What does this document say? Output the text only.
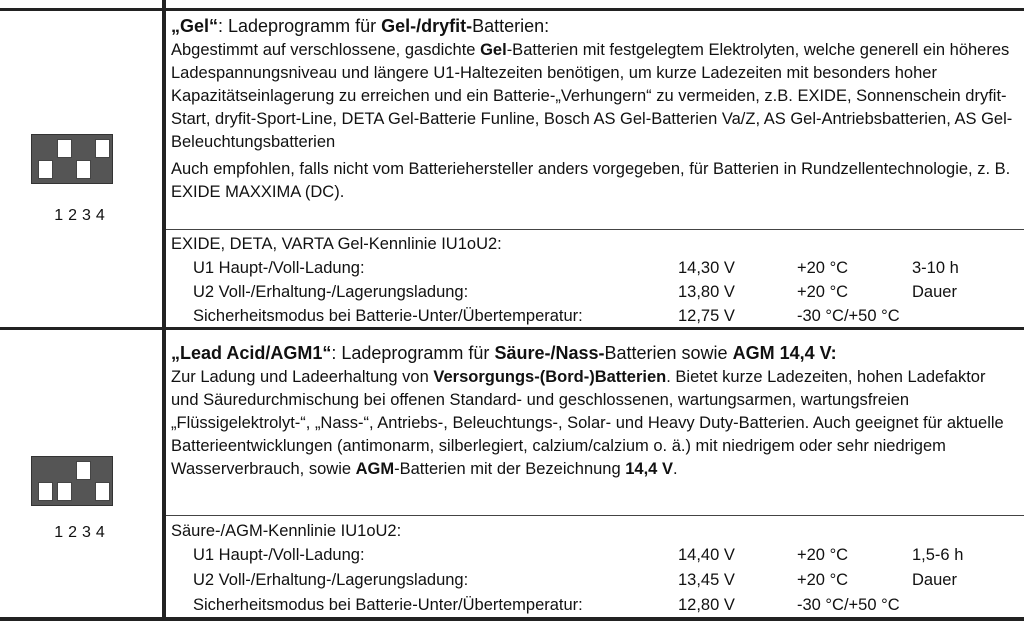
1234
„Gel“: Ladeprogramm für Gel-/dryfit-Batterien:
Abgestimmt auf verschlossene, gasdichte Gel-Batterien mit festgelegtem Elektrolyten, welche generell ein höheres Ladespannungsniveau und längere U1-Haltezeiten benötigen, um kurze Ladezeiten mit besonders hoher Kapazitätseinlagerung zu erreichen und ein Batterie-„Verhungern“ zu vermeiden, z.B. EXIDE, Sonnenschein dryfit-Start, dryfit-Sport-Line, DETA Gel-Batterie Funline, Bosch AS Gel-Batterien Va/Z, AS Gel-Antriebsbatterien, AS Gel-Beleuchtungsbatterien
Auch empfohlen, falls nicht vom Batteriehersteller anders vorgegeben, für Batterien in Rundzellentechnologie, z. B. EXIDE MAXXIMA (DC).
EXIDE, DETA, VARTA Gel-Kennlinie IU1oU2:
U1 Haupt-/Voll-Ladung:	14,30 V	+20 °C	3-10 h
U2 Voll-/Erhaltung-/Lagerungsladung:	13,80 V	+20 °C	Dauer
Sicherheitsmodus bei Batterie-Unter/Übertemperatur:	12,75 V	-30 °C/+50 °C
1234
„Lead Acid/AGM1“: Ladeprogramm für Säure-/Nass-Batterien sowie AGM 14,4 V:
Zur Ladung und Ladeerhaltung von Versorgungs-(Bord-)Batterien. Bietet kurze Ladezeiten, hohen Ladefaktor und Säuredurchmischung bei offenen Standard- und geschlossenen, wartungsarmen, wartungsfreien „Flüssigelektrolyt-“, „Nass-“, Antriebs-, Beleuchtungs-, Solar- und Heavy Duty-Batterien. Auch geeignet für aktuelle Batterieentwicklungen (antimonarm, silberlegiert, calzium/calzium o. ä.) mit niedrigem oder sehr niedrigem Wasserverbrauch, sowie AGM-Batterien mit der Bezeichnung 14,4 V.
Säure-/AGM-Kennlinie IU1oU2:
U1 Haupt-/Voll-Ladung:	14,40 V	+20 °C	1,5-6 h
U2 Voll-/Erhaltung-/Lagerungsladung:	13,45 V	+20 °C	Dauer
Sicherheitsmodus bei Batterie-Unter/Übertemperatur:	12,80 V	-30 °C/+50 °C
